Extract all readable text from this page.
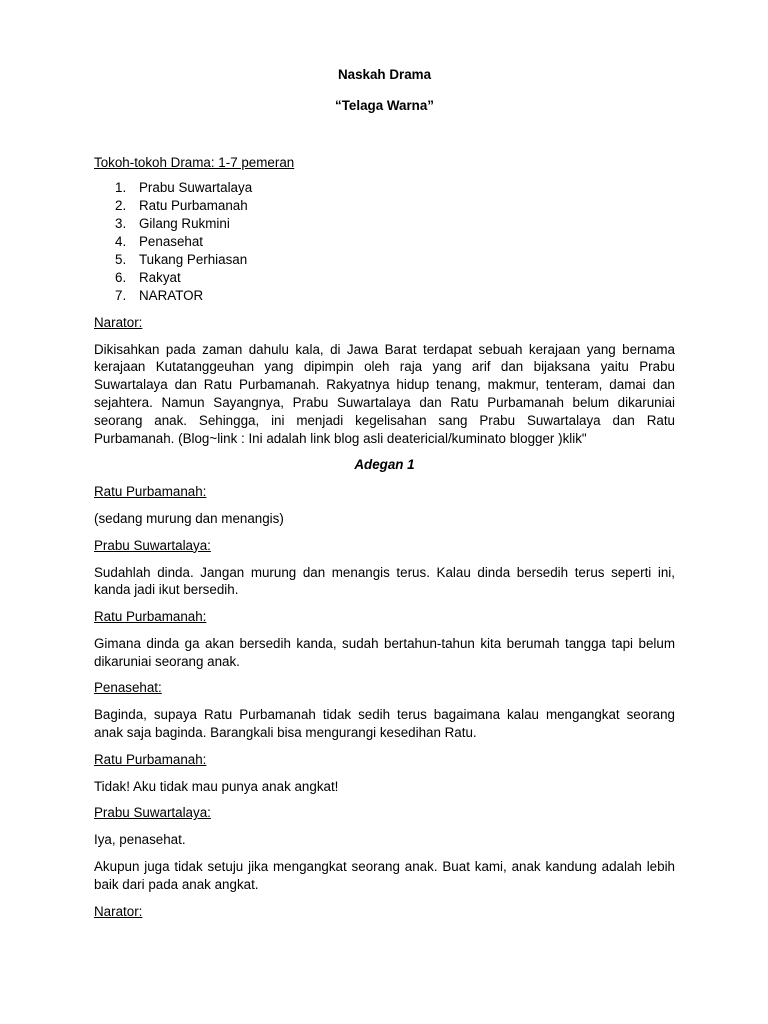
Naskah Drama

“Telaga Warna”

Tokoh-tokoh Drama: 1-7 pemeran

1. Prabu Suwartalaya
2. Ratu Purbamanah
3. Gilang Rukmini
4. Penasehat
5. Tukang Perhiasan
6. Rakyat
7. NARATOR

Narator:

Dikisahkan pada zaman dahulu kala, di Jawa Barat terdapat sebuah kerajaan yang bernama kerajaan Kutatanggeuhan yang dipimpin oleh raja yang arif dan bijaksana yaitu Prabu Suwartalaya dan Ratu Purbamanah. Rakyatnya hidup tenang, makmur, tenteram, damai dan sejahtera. Namun Sayangnya, Prabu Suwartalaya dan Ratu Purbamanah belum dikaruniai seorang anak. Sehingga, ini menjadi kegelisahan sang Prabu Suwartalaya dan Ratu Purbamanah. (Blog~link : Ini adalah link blog asli deatericial/kuminato blogger )klik"

Adegan 1

Ratu Purbamanah:

(sedang murung dan menangis)

Prabu Suwartalaya:

Sudahlah dinda. Jangan murung dan menangis terus. Kalau dinda bersedih terus seperti ini, kanda jadi ikut bersedih.

Ratu Purbamanah:

Gimana dinda ga akan bersedih kanda, sudah bertahun-tahun kita berumah tangga tapi belum dikaruniai seorang anak.

Penasehat:

Baginda, supaya Ratu Purbamanah tidak sedih terus bagaimana kalau mengangkat seorang anak saja baginda. Barangkali bisa mengurangi kesedihan Ratu.

Ratu Purbamanah:

Tidak! Aku tidak mau punya anak angkat!

Prabu Suwartalaya:

Iya, penasehat.

Akupun juga tidak setuju jika mengangkat seorang anak. Buat kami, anak kandung adalah lebih baik dari pada anak angkat.

Narator:
